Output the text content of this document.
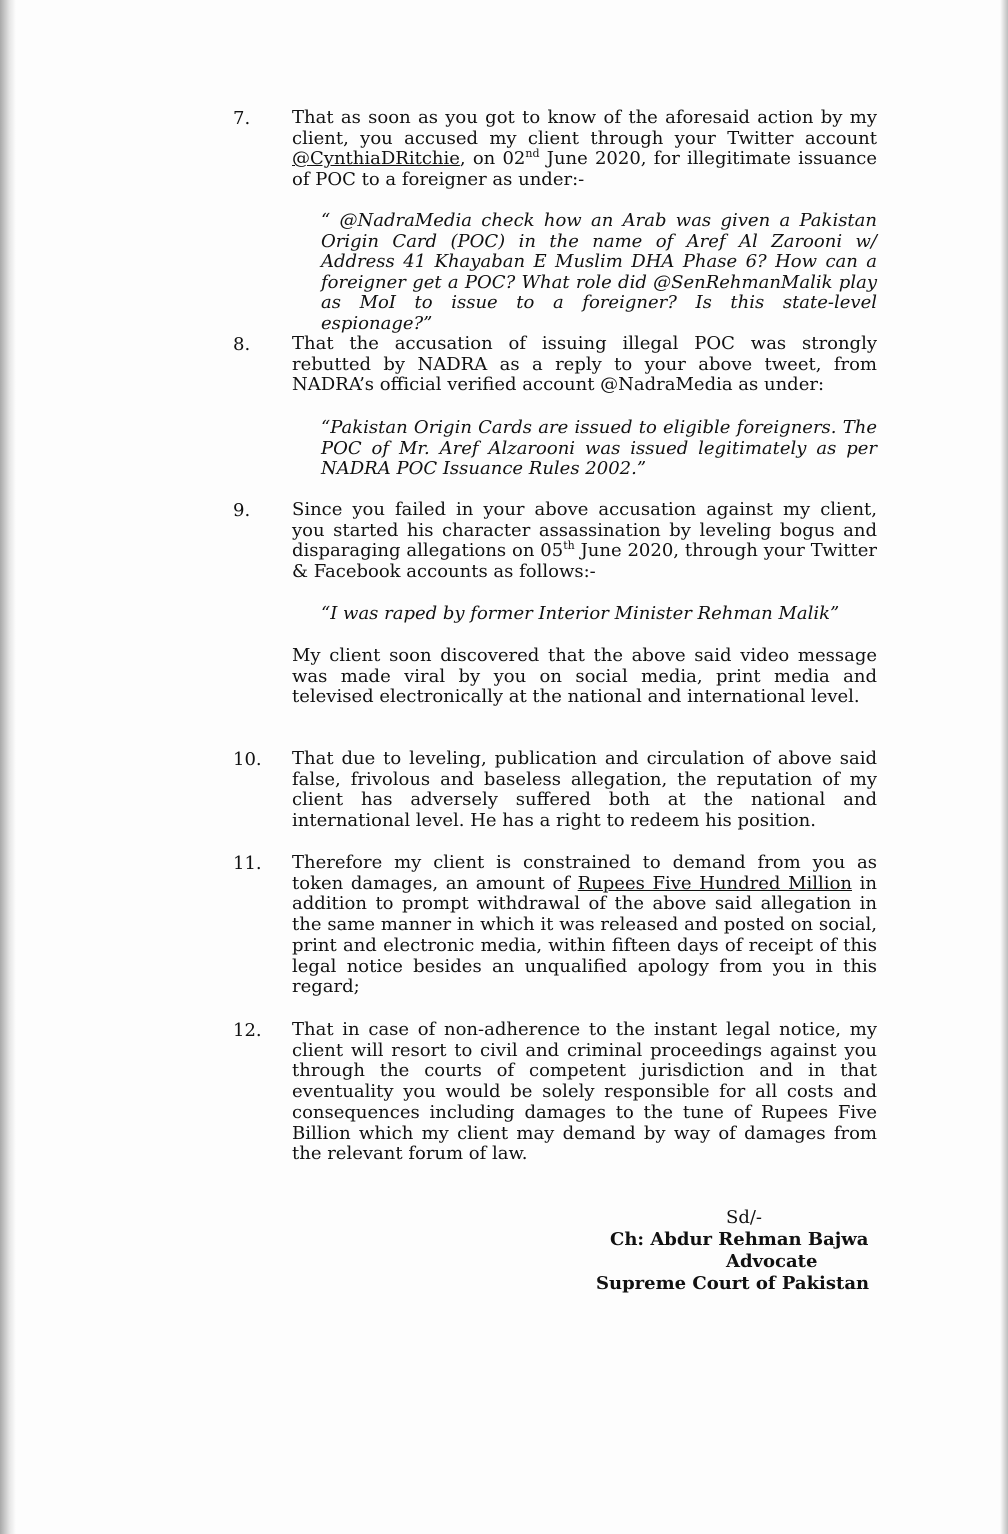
7. That as soon as you got to know of the aforesaid action by my client, you accused my client through your Twitter account @CynthiaDRitchie, on 02nd June 2020, for illegitimate issuance of POC to a foreigner as under:-
“ @NadraMedia check how an Arab was given a Pakistan Origin Card (POC) in the name of Aref Al Zarooni w/ Address 41 Khayaban E Muslim DHA Phase 6? How can a foreigner get a POC? What role did @SenRehmanMalik play as MoI to issue to a foreigner? Is this state-level espionage?”
8. That the accusation of issuing illegal POC was strongly rebutted by NADRA as a reply to your above tweet, from NADRA’s official verified account @NadraMedia as under:
“Pakistan Origin Cards are issued to eligible foreigners. The POC of Mr. Aref Alzarooni was issued legitimately as per NADRA POC Issuance Rules 2002.”
9. Since you failed in your above accusation against my client, you started his character assassination by leveling bogus and disparaging allegations on 05th June 2020, through your Twitter & Facebook accounts as follows:-
“I was raped by former Interior Minister Rehman Malik”
My client soon discovered that the above said video message was made viral by you on social media, print media and televised electronically at the national and international level.
10. That due to leveling, publication and circulation of above said false, frivolous and baseless allegation, the reputation of my client has adversely suffered both at the national and international level. He has a right to redeem his position.
11. Therefore my client is constrained to demand from you as token damages, an amount of Rupees Five Hundred Million in addition to prompt withdrawal of the above said allegation in the same manner in which it was released and posted on social, print and electronic media, within fifteen days of receipt of this legal notice besides an unqualified apology from you in this regard;
12. That in case of non-adherence to the instant legal notice, my client will resort to civil and criminal proceedings against you through the courts of competent jurisdiction and in that eventuality you would be solely responsible for all costs and consequences including damages to the tune of Rupees Five Billion which my client may demand by way of damages from the relevant forum of law.
Sd/-
Ch: Abdur Rehman Bajwa
Advocate
Supreme Court of Pakistan
